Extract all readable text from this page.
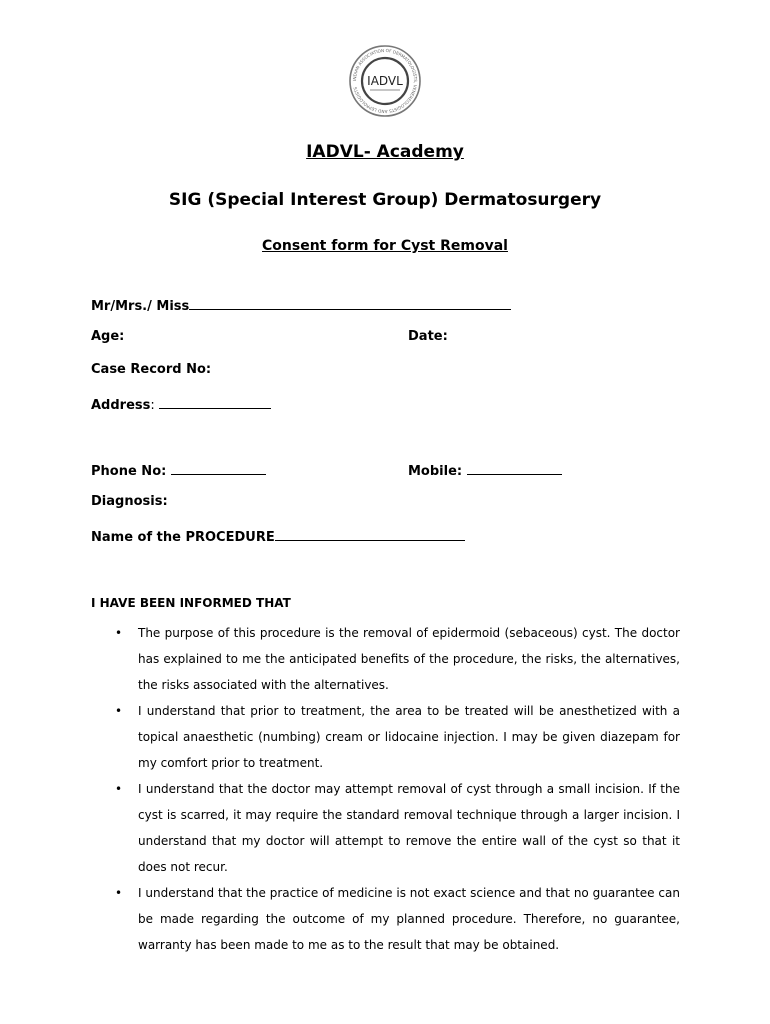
INDIAN ASSOCIATION OF DERMATOLOGISTS, VENEREOLOGISTS AND LEPROLOGISTS
IADVL
IADVL- Academy
SIG (Special Interest Group) Dermatosurgery
Consent form for Cyst Removal
Mr/Mrs./ Miss
Age:	Date:
Case Record No:
Address:
Phone No:	Mobile:
Diagnosis:
Name of the PROCEDURE
I HAVE BEEN INFORMED THAT
• The purpose of this procedure is the removal of epidermoid (sebaceous) cyst. The doctor has explained to me the anticipated benefits of the procedure, the risks, the alternatives, the risks associated with the alternatives.
• I understand that prior to treatment, the area to be treated will be anesthetized with a topical anaesthetic (numbing) cream or lidocaine injection. I may be given diazepam for my comfort prior to treatment.
• I understand that the doctor may attempt removal of cyst through a small incision. If the cyst is scarred, it may require the standard removal technique through a larger incision. I understand that my doctor will attempt to remove the entire wall of the cyst so that it does not recur.
• I understand that the practice of medicine is not exact science and that no guarantee can be made regarding the outcome of my planned procedure. Therefore, no guarantee, warranty has been made to me as to the result that may be obtained.
